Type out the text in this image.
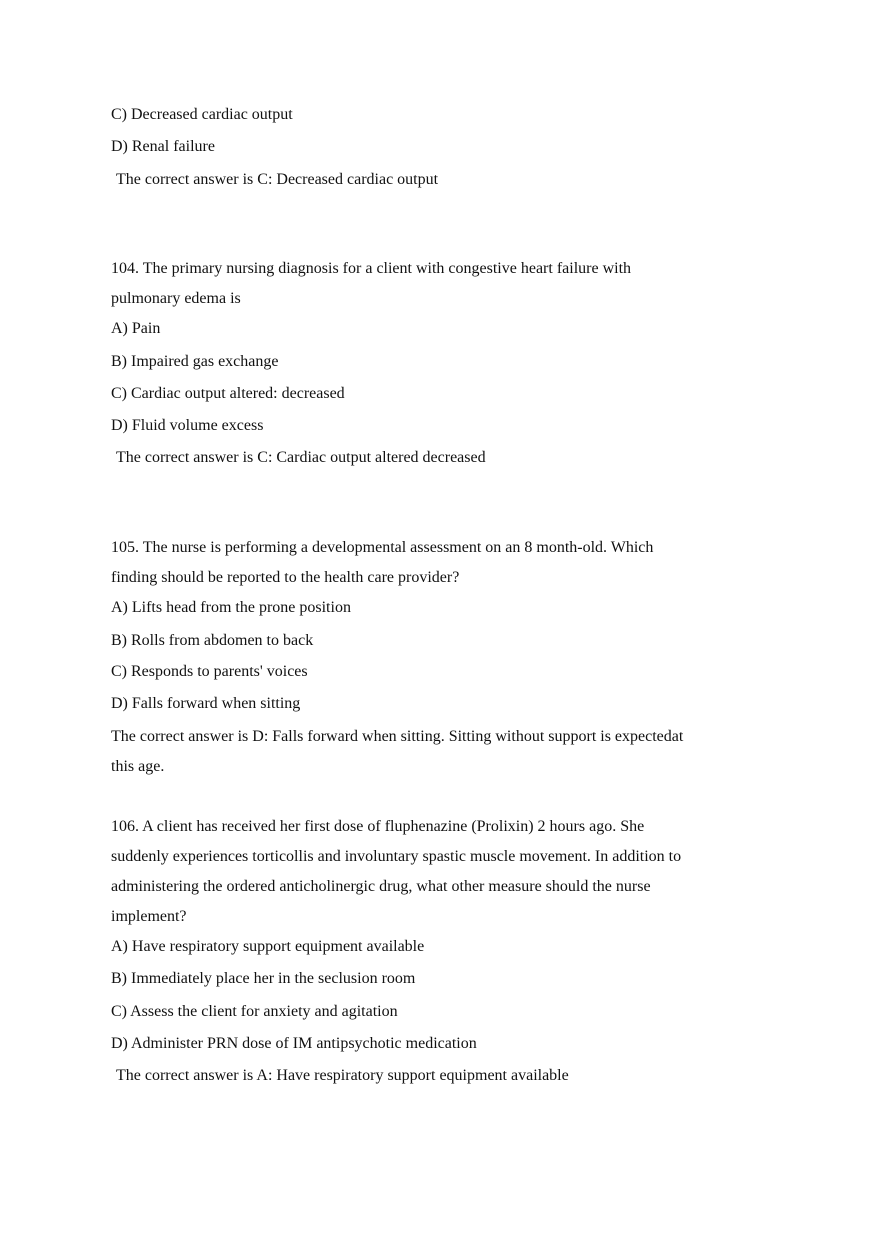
C) Decreased cardiac output
D) Renal failure
The correct answer is C: Decreased cardiac output
104. The primary nursing diagnosis for a client with congestive heart failure with
pulmonary edema is
A) Pain
B) Impaired gas exchange
C) Cardiac output altered: decreased
D) Fluid volume excess
The correct answer is C: Cardiac output altered decreased
105. The nurse is performing a developmental assessment on an 8 month-old. Which
finding should be reported to the health care provider?
A) Lifts head from the prone position
B) Rolls from abdomen to back
C) Responds to parents' voices
D) Falls forward when sitting
The correct answer is D: Falls forward when sitting. Sitting without support is expectedat
this age.
106. A client has received her first dose of fluphenazine (Prolixin) 2 hours ago. She
suddenly experiences torticollis and involuntary spastic muscle movement. In addition to
administering the ordered anticholinergic drug, what other measure should the nurse
implement?
A) Have respiratory support equipment available
B) Immediately place her in the seclusion room
C) Assess the client for anxiety and agitation
D) Administer PRN dose of IM antipsychotic medication
The correct answer is A: Have respiratory support equipment available
